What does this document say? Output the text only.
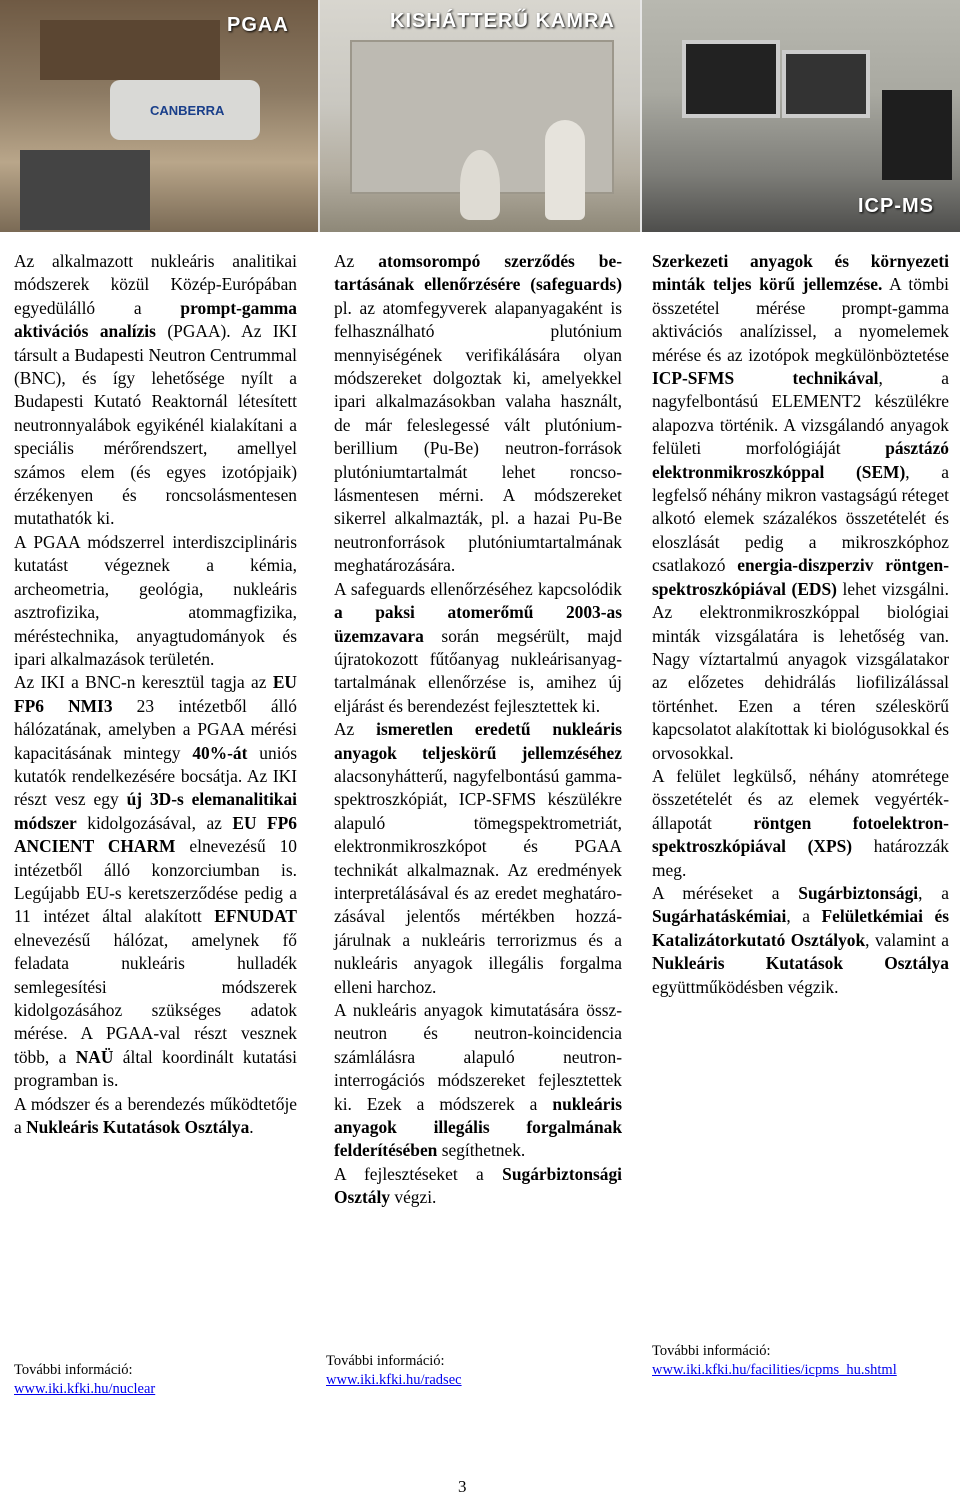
CANBERRA
PGAA	KISHÁTTERŰ KAMRA
ICP-MS

Az alkalmazott nukleáris analitikai módszerek közül Közép-Európában egyedülálló a prompt-gamma aktivációs analízis (PGAA). Az IKI társult a Budapesti Neutron Centrummal (BNC), és így lehetősége nyílt a Budapesti Kutató Reaktornál létesített neutronnyalábok egyikénél kialakítani a speciális mérőrendszert, amellyel számos elem (és egyes izotópjaik) érzékenyen és roncsolásmentesen mutathatók ki.

A PGAA módszerrel interdiszciplináris kutatást végeznek a kémia, archeometria, geológia, nukleáris asztrofizika, atommagfizika, méréstechnika, anyagtudományok és ipari alkalmazások területén.

Az IKI a BNC-n keresztül tagja az EU FP6 NMI3 23 intézetből álló hálózatának, amelyben a PGAA mérési kapacitásának mintegy 40%-át uniós kutatók rendelkezésére bocsátja. Az IKI részt vesz egy új 3D-s elemanalitikai módszer kidolgozásával, az EU FP6 ANCIENT CHARM elnevezésű 10 intézetből álló konzorciumban is. Legújabb EU-s keretszerződése pedig a 11 intézet által alakított EFNUDAT elnevezésű hálózat, amelynek fő feladata nukleáris hulladék semlegesítési módszerek kidolgozásához szükséges adatok mérése. A PGAA-val részt vesznek több, a NAÜ által koordinált kutatási programban is.

A módszer és a berendezés működtetője a Nukleáris Kutatások Osztálya.

Az atomsorompó szerződés betartásának ellenőrzésére (safeguards) pl. az atomfegyverek alapanyagaként is felhasználható plutónium mennyiségének verifikálására olyan módszereket dolgoztak ki, amelyekkel ipari alkalmazásokban valaha használt, de már feleslegessé vált plutónium-berillium (Pu-Be) neutron-források plutóniumtartalmát lehet roncsolásmentesen mérni. A módszereket sikerrel alkalmazták, pl. a hazai Pu-Be neutronforrások plutóniumtartalmának meghatározására.

A safeguards ellenőrzéséhez kapcsolódik a paksi atomerőmű 2003-as üzemzavara során megsérült, majd újratokozott fűtőanyag nukleárisanyag-tartalmának ellenőrzése is, amihez új eljárást és berendezést fejlesztettek ki.

Az ismeretlen eredetű nukleáris anyagok teljeskörű jellemzéséhez alacsonyhátterű, nagyfelbontású gamma-spektroszkópiát, ICP-SFMS készülékre alapuló tömegspektrometriát, elektronmikroszkópot és PGAA technikát alkalmaznak. Az eredmények interpretálásával és az eredet meghatározásával jelentős mértékben hozzájárulnak a nukleáris terrorizmus és a nukleáris anyagok illegális forgalma elleni harchoz.

A nukleáris anyagok kimutatására össz-neutron és neutron-koincidencia számlálásra alapuló neutron-interrogációs módszereket fejlesztettek ki. Ezek a módszerek a nukleáris anyagok illegális forgalmának felderítésében segíthetnek.

A fejlesztéseket a Sugárbiztonsági Osztály végzi.

Szerkezeti anyagok és környezeti minták teljes körű jellemzése. A tömbi összetétel mérése prompt-gamma aktivációs analízissel, a nyomelemek mérése és az izotópok megkülönböztetése ICP-SFMS technikával, a nagyfelbontású ELEMENT2 készülékre alapozva történik. A vizsgálandó anyagok felületi morfológiáját pásztázó elektronmikroszkóppal (SEM), a legfelső néhány mikron vastagságú réteget alkotó elemek százalékos összetételét és eloszlását pedig a mikroszkóphoz csatlakozó energia-diszperziv röntgen-spektroszkópiával (EDS) lehet vizsgálni. Az elektronmikroszkóppal biológiai minták vizsgálatára is lehetőség van. Nagy víztartalmú anyagok vizsgálatakor az előzetes dehidrálás liofilizálással történhet. Ezen a téren széleskörű kapcsolatot alakítottak ki biológusokkal és orvosokkal.

A felület legkülső, néhány atomrétege összetételét és az elemek vegyérték-állapotát röntgen fotoelektron-spektroszkópiával (XPS) határozzák meg.

A méréseket a Sugárbiztonsági, a Sugárhatáskémiai, a Felületkémiai és Katalizátorkutató Osztályok, valamint a Nukleáris Kutatások Osztálya együttműködésben végzik.

További információ:
www.iki.kfki.hu/nuclear
További információ:
www.iki.kfki.hu/radsec
További információ:
www.iki.kfki.hu/facilities/icpms_hu.shtml
3
